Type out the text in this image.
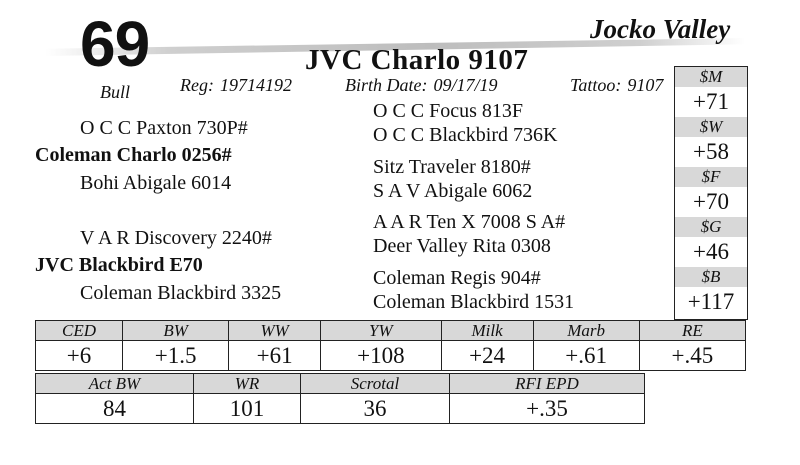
69
Bull
Jocko Valley
JVC Charlo 9107
Reg: 19714192	Birth Date: 09/17/19	Tattoo: 9107
O C C Paxton 730P#
Coleman Charlo 0256#
Bohi Abigale 6014
V A R Discovery 2240#
JVC Blackbird E70
Coleman Blackbird 3325
O C C Focus 813F
O C C Blackbird 736K
Sitz Traveler 8180#
S A V Abigale 6062
A A R Ten X 7008 S A#
Deer Valley Rita 0308
Coleman Regis 904#
Coleman Blackbird 1531
$M
+71
$W
+58
$F
+70
$G
+46
$B
+117
CED	BW	WW	YW	Milk	Marb	RE
+6	+1.5	+61	+108	+24	+.61	+.45
Act BW	WR	Scrotal	RFI EPD
84	101	36	+.35
